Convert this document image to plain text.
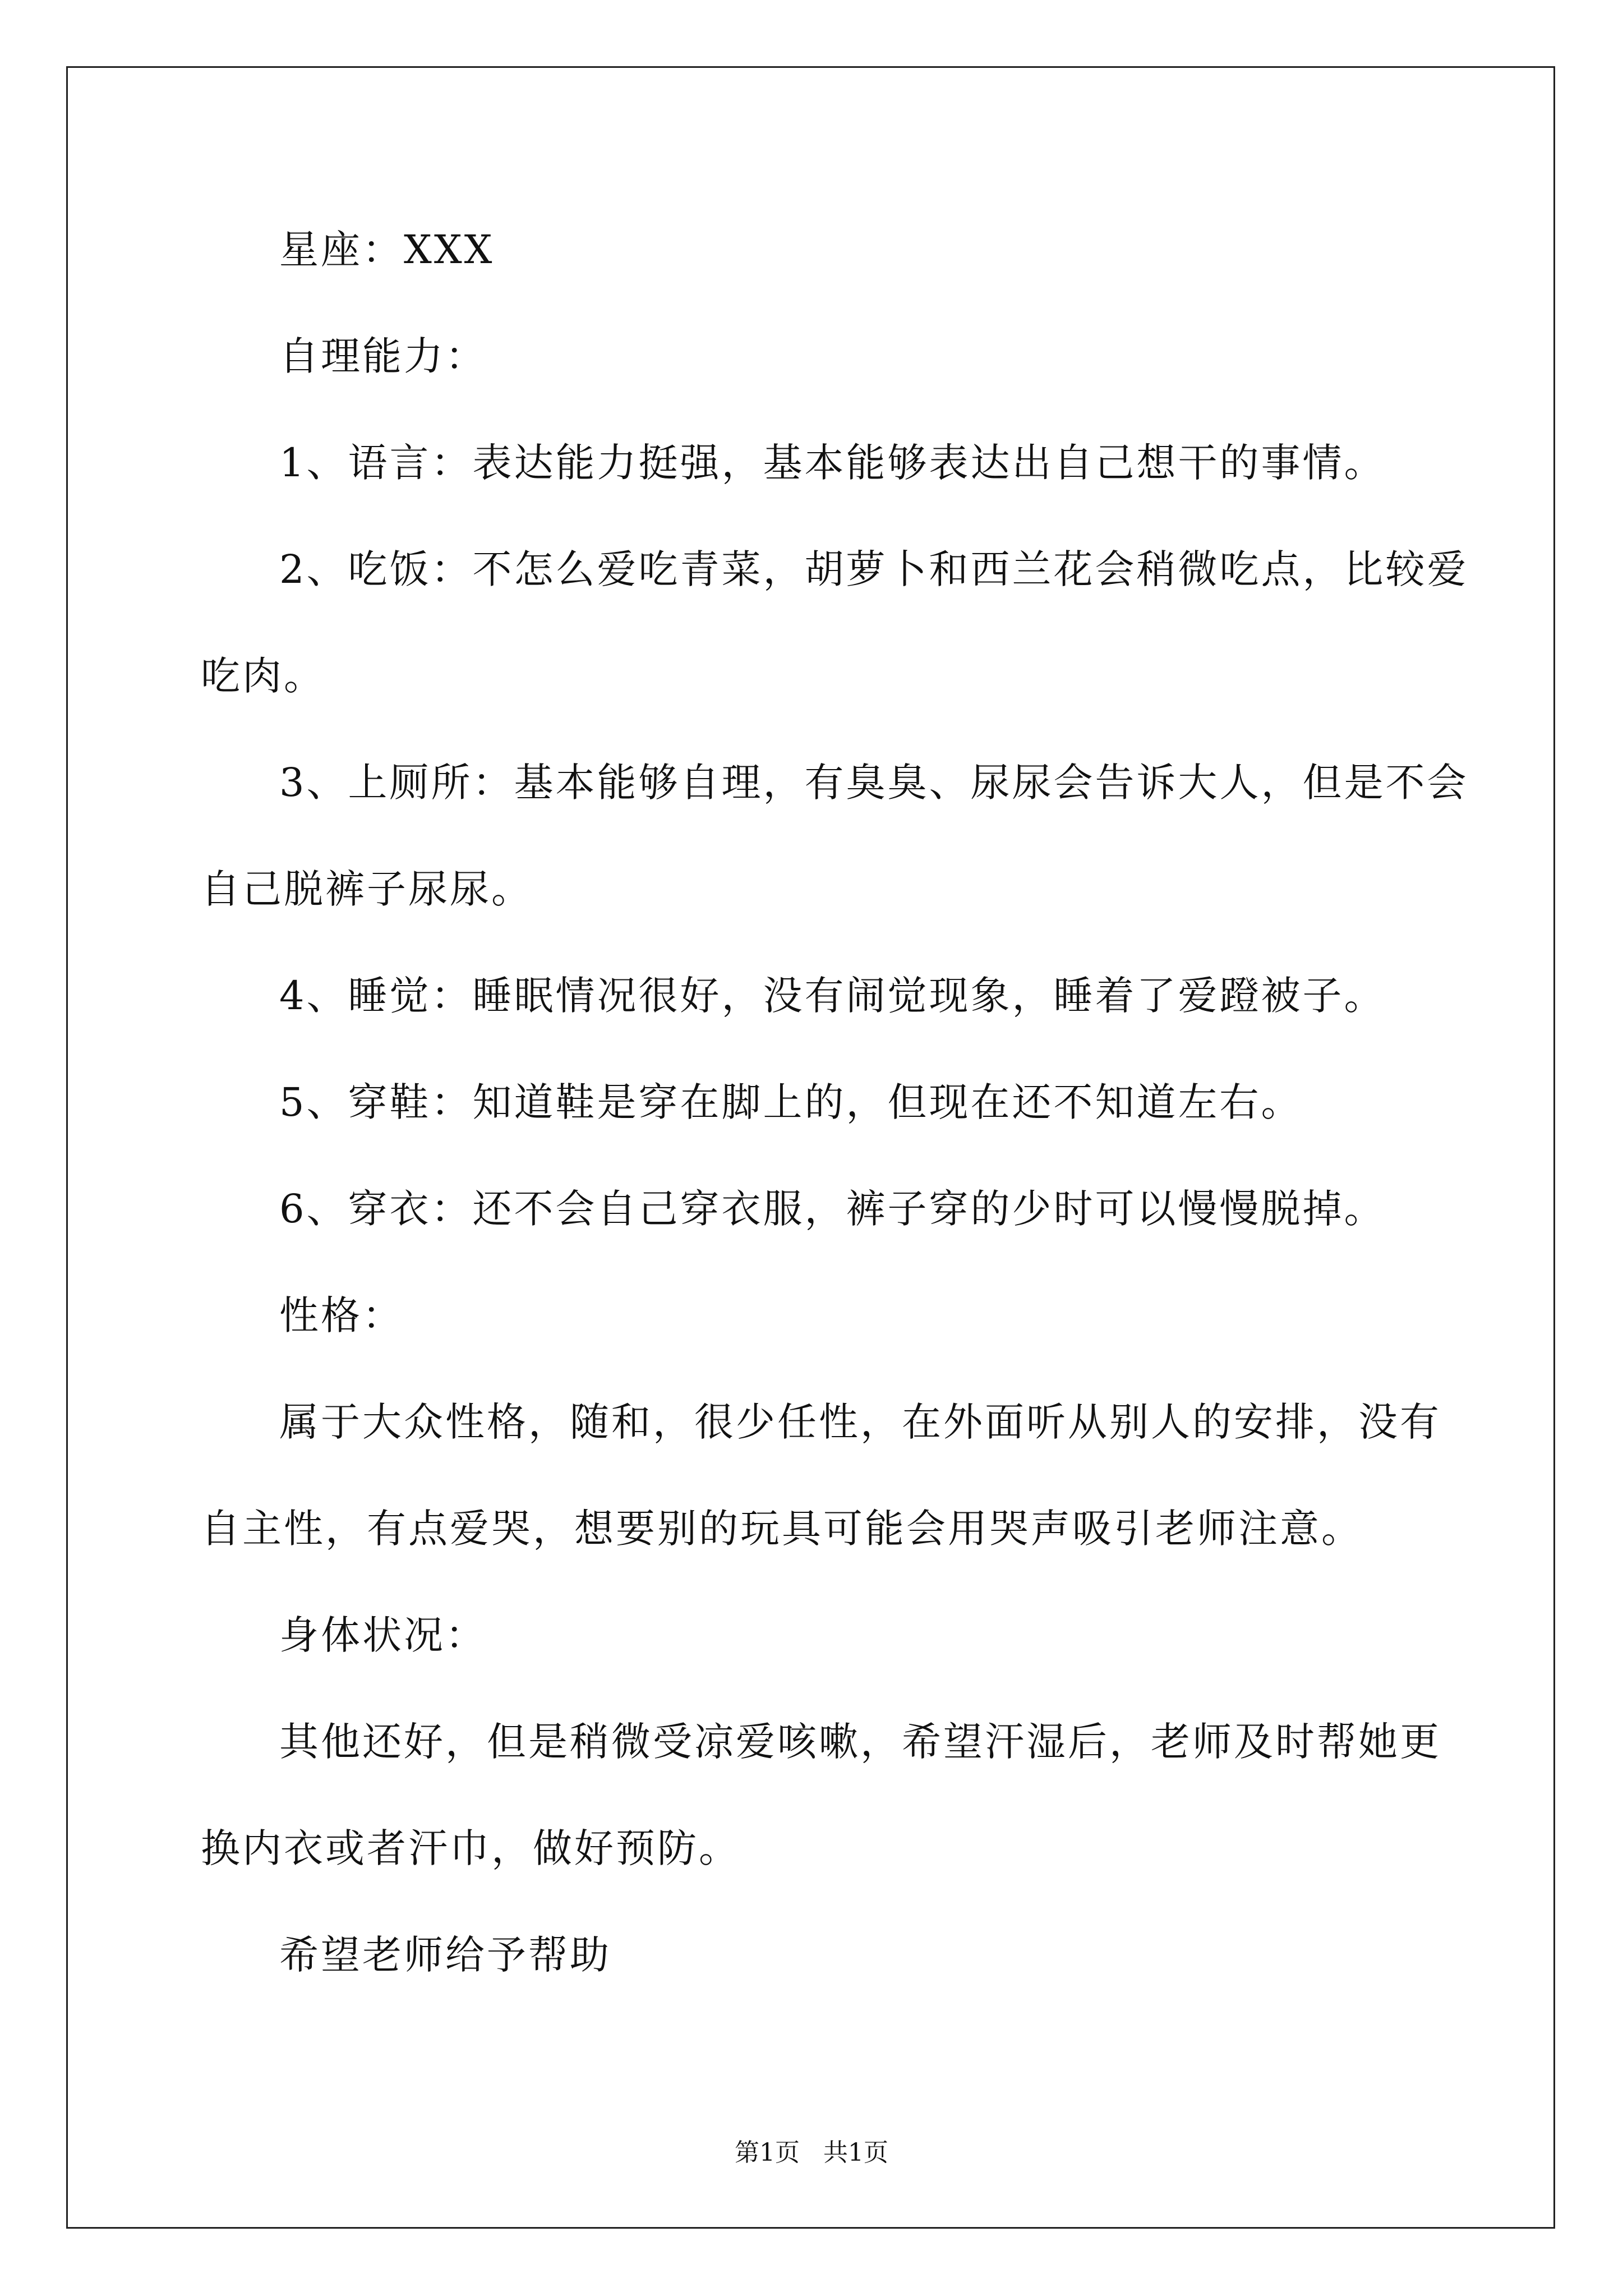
星座：XXX
自理能力：
1、语言：表达能力挺强，基本能够表达出自己想干的事情。
2、吃饭：不怎么爱吃青菜，胡萝卜和西兰花会稍微吃点，比较爱
吃肉。
3、上厕所：基本能够自理，有臭臭、尿尿会告诉大人，但是不会
自己脱裤子尿尿。
4、睡觉：睡眠情况很好，没有闹觉现象，睡着了爱蹬被子。
5、穿鞋：知道鞋是穿在脚上的，但现在还不知道左右。
6、穿衣：还不会自己穿衣服，裤子穿的少时可以慢慢脱掉。
性格：
属于大众性格，随和，很少任性，在外面听从别人的安排，没有
自主性，有点爱哭，想要别的玩具可能会用哭声吸引老师注意。
身体状况：
其他还好，但是稍微受凉爱咳嗽，希望汗湿后，老师及时帮她更
换内衣或者汗巾，做好预防。
希望老师给予帮助
第1页 共1页
